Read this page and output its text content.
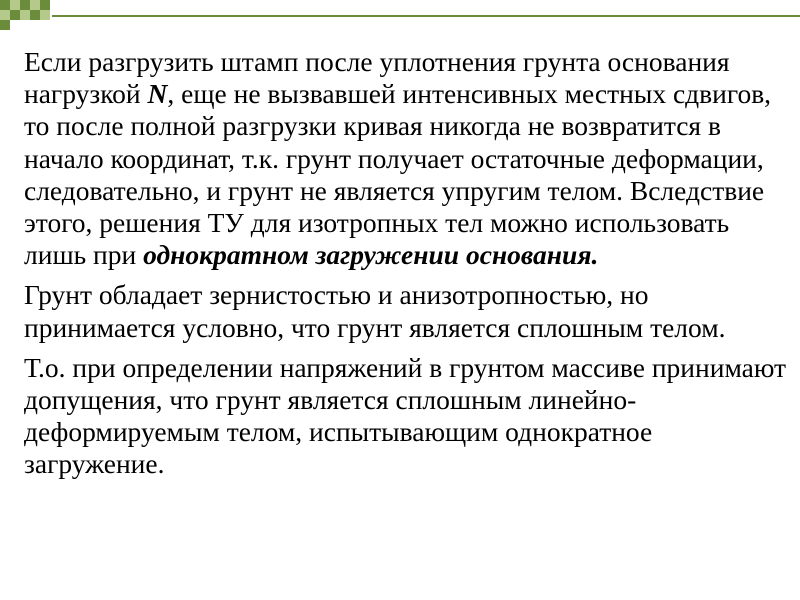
Если разгрузить штамп после уплотнения грунта основания нагрузкой N, еще не вызвавшей интенсивных местных сдвигов, то после полной разгрузки кривая никогда не возвратится в начало координат, т.к. грунт получает остаточные деформации, следовательно, и грунт не является упругим телом. Вследствие этого, решения ТУ для изотропных тел можно использовать лишь при однократном загружении основания.

Грунт обладает зернистостью и анизотропностью, но принимается условно, что грунт является сплошным телом.

Т.о. при определении напряжений в грунтом массиве принимают допущения, что грунт является сплошным линейно-деформируемым телом, испытывающим однократное загружение.
